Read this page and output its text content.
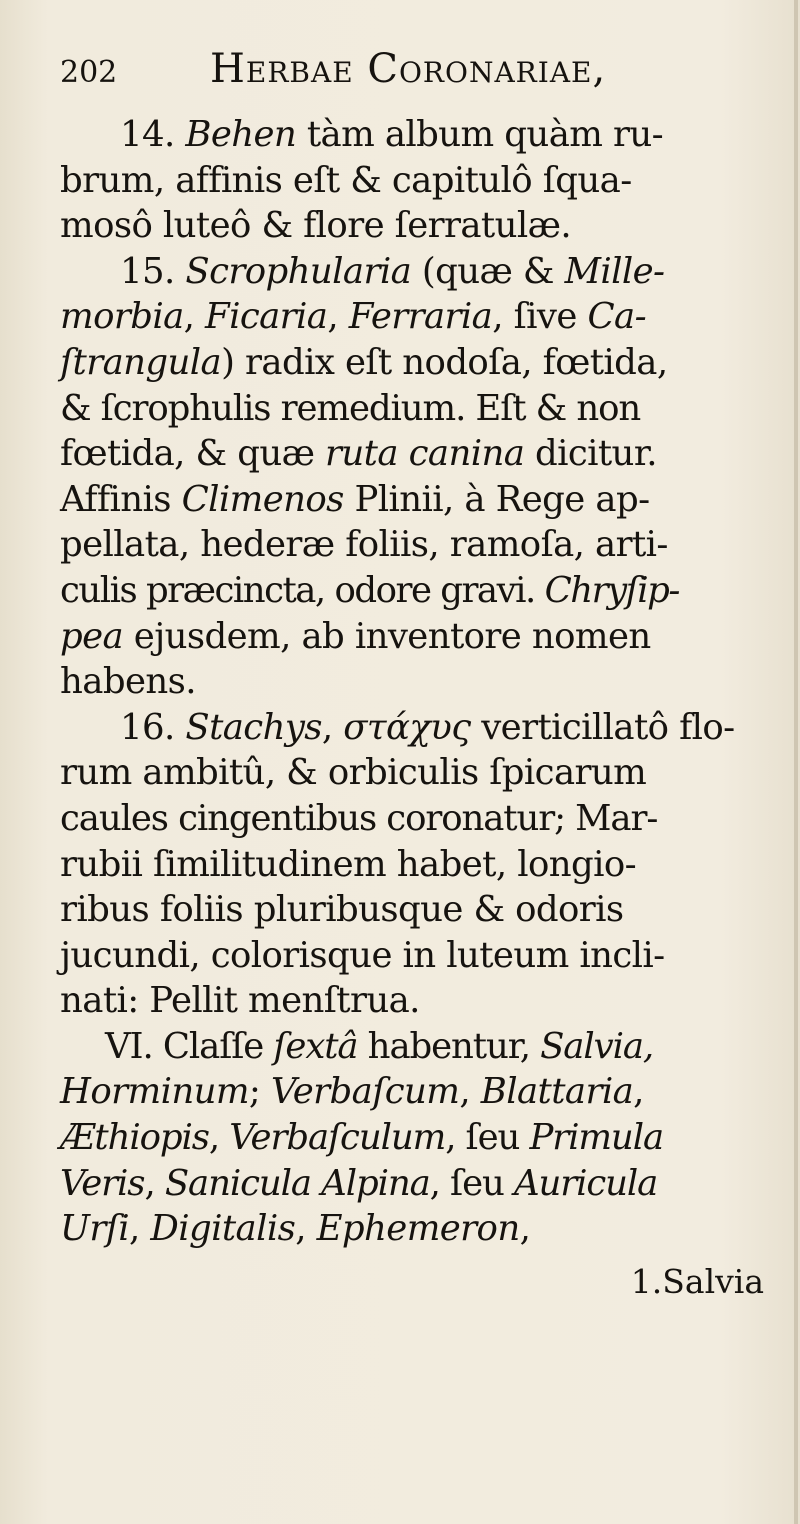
202	Herbae Coronariae,
14. Behen tàm album quàm ru-
brum, affinis eſt & capitulô ſqua-
mosô luteô & flore ſerratulæ.
15. Scrophularia (quæ & Mille-
morbia, Ficaria, Ferraria, ſive Ca-
ſtrangula) radix eſt nodoſa, fœtida,
& ſcrophulis remedium. Eſt & non
fœtida, & quæ ruta canina dicitur.
Affinis Climenos Plinii, à Rege ap-
pellata, hederæ foliis, ramoſa, arti-
culis præcincta, odore gravi. Chryſip-
pea ejusdem, ab inventore nomen
habens.
16. Stachys, στάχυς verticillatô flo-
rum ambitû, & orbiculis ſpicarum
caules cingentibus coronatur; Mar-
rubii ſimilitudinem habet, longio-
ribus foliis pluribusque & odoris
jucundi, colorisque in luteum incli-
nati: Pellit menſtrua.
VI. Claſſe ſextâ habentur, Salvia,
Horminum; Verbaſcum, Blattaria,
Æthiopis, Verbaſculum, ſeu Primula
Veris, Sanicula Alpina, ſeu Auricula
Urſi, Digitalis, Ephemeron,
1.Salvia
